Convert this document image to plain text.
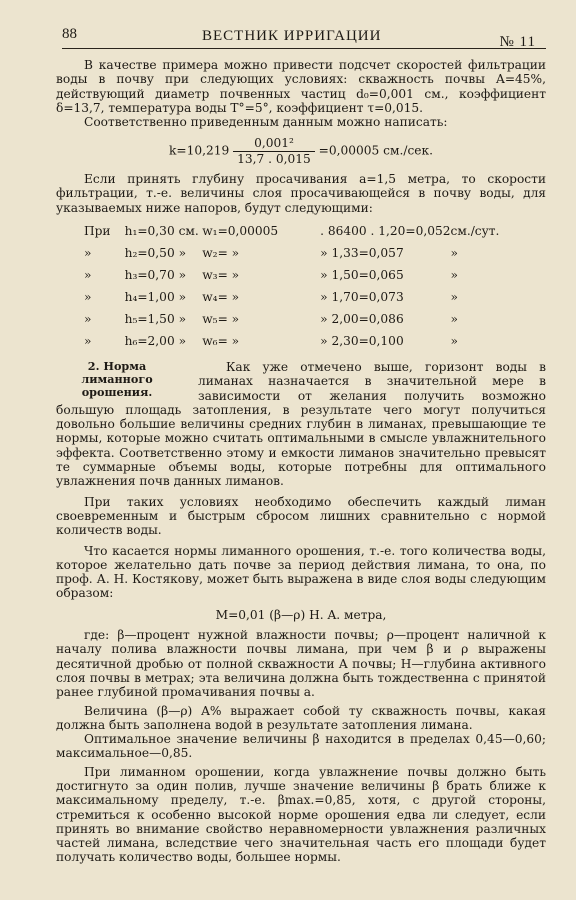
88	ВЕСТНИК ИРРИГАЦИИ	№ 11

В качестве примера можно привести подсчет скоростей фильтрации воды в почву при следующих условиях: скважность почвы A=45%, действующий диаметр почвенных частиц d₀=0,001 см., коэффициент δ=13,7, температура воды T°=5°, коэффициент τ=0,015.

Соответственно приведенным данным можно написать:

$k=10,219 \frac{\text{0,001²}}{13,7 . 0,015} =0,00005$ см./сек.

Если принять глубину просачивания a=1,5 метра, то скорости фильтрации, т.-е. величины слоя просачивающейся в почву воды, для указываемых ниже напоров, будут следующими:

При	h₁=0,30 см.	w₁=0,00005	. 86400 . 1,20=0,052	см./сут.
»	h₂=0,50 »	w₂= »	» 1,33=0,057	»
»	h₃=0,70 »	w₃= »	» 1,50=0,065	»
»	h₄=1,00 »	w₄= »	» 1,70=0,073	»
»	h₅=1,50 »	w₅= »	» 2,00=0,086	»
»	h₆=2,00 »	w₆= »	» 2,30=0,100	»
2. Норма лиманного орошения.

Как уже отмечено выше, горизонт воды в лиманах назначается в значительной мере в зависимости от желания получить возможно большую площадь затопления, в результате чего могут получиться довольно большие величины средних глубин в лиманах, превышающие те нормы, которые можно считать оптимальными в смысле увлажнительного эффекта. Соответственно этому и емкости лиманов значительно превысят те суммарные объемы воды, которые потребны для оптимального увлажнения почв данных лиманов.

При таких условиях необходимо обеспечить каждый лиман своевременным и быстрым сбросом лишних сравнительно с нормой количеств воды.

Что касается нормы лиманного орошения, т.-е. того количества воды, которое желательно дать почве за период действия лимана, то она, по проф. А. Н. Костякову, может быть выражена в виде слоя воды следующим образом:

M=0,01 (β—ρ) H. A. метра,

где: β—процент нужной влажности почвы; ρ—процент наличной к началу полива влажности почвы лимана, при чем β и ρ выражены десятичной дробью от полной скважности A почвы; H—глубина активного слоя почвы в метрах; эта величина должна быть тождественна с принятой ранее глубиной промачивания почвы a.

Величина (β—ρ) A% выражает собой ту скважность почвы, какая должна быть заполнена водой в результате затопления лимана.

Оптимальное значение величины β находится в пределах 0,45—0,60; максимальное—0,85.

При лиманном орошении, когда увлажнение почвы должно быть достигнуто за один полив, лучше значение величины β брать ближе к максимальному пределу, т.-е. βmax.=0,85, хотя, с другой стороны, стремиться к особенно высокой норме орошения едва ли следует, если принять во внимание свойство неравномерности увлажнения различных частей лимана, вследствие чего значительная часть его площади будет получать количество воды, большее нормы.
